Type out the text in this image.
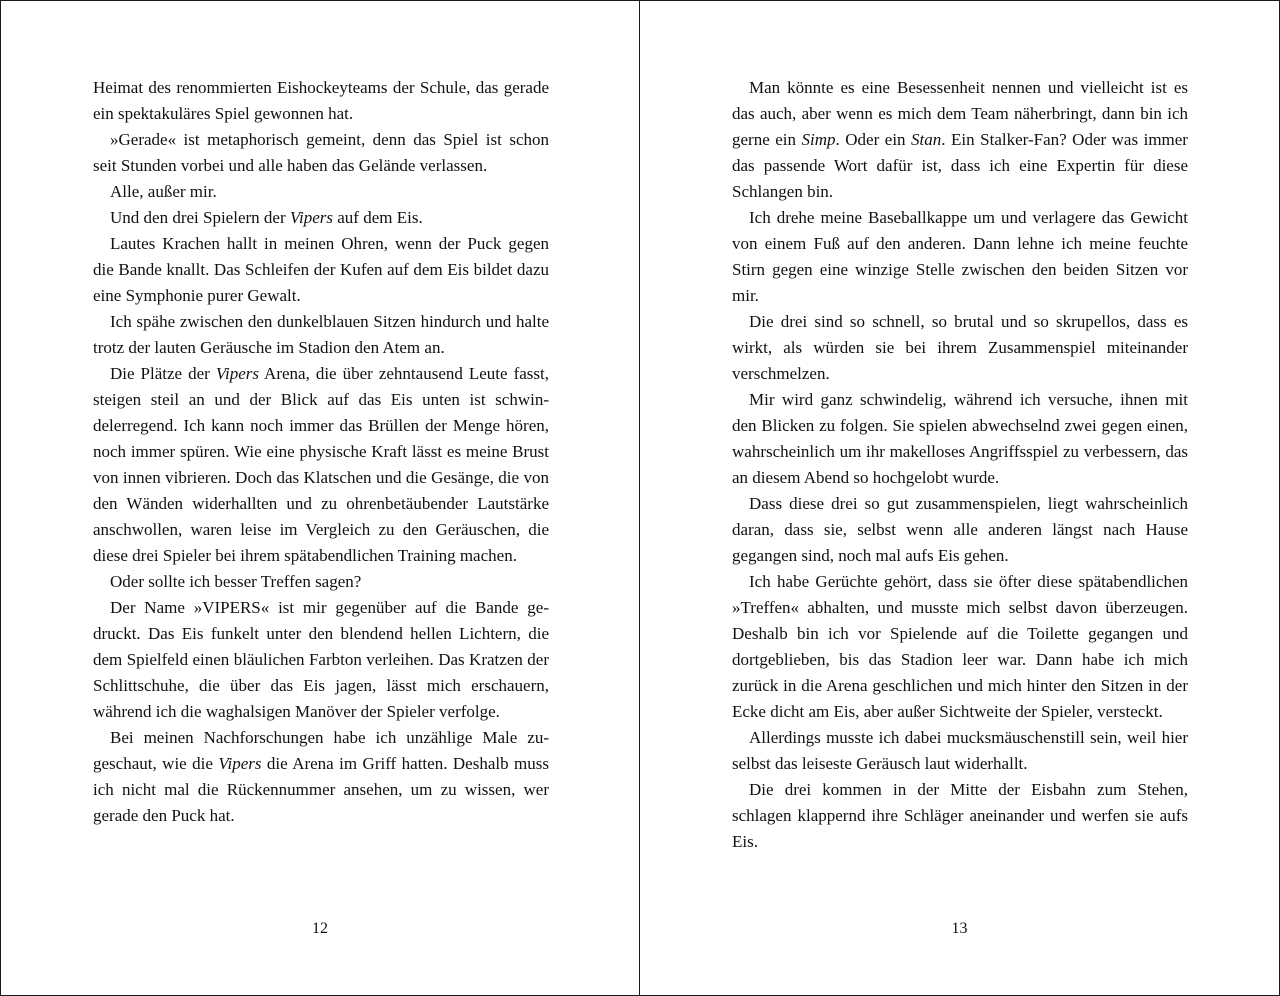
Heimat des renommierten Eishockeyteams der Schule, das gerade ein spektakuläres Spiel gewonnen hat.

»Gerade« ist metaphorisch gemeint, denn das Spiel ist schon seit Stunden vorbei und alle haben das Gelände verlassen.

Alle, außer mir.

Und den drei Spielern der Vipers auf dem Eis.

Lautes Krachen hallt in meinen Ohren, wenn der Puck gegen die Bande knallt. Das Schleifen der Kufen auf dem Eis bildet dazu eine Symphonie purer Gewalt.

Ich spähe zwischen den dunkelblauen Sitzen hindurch und halte trotz der lauten Geräusche im Stadion den Atem an.

Die Plätze der Vipers Arena, die über zehntausend Leute fasst, steigen steil an und der Blick auf das Eis unten ist schwindelerregend. Ich kann noch immer das Brüllen der Menge hören, noch immer spüren. Wie eine physische Kraft lässt es meine Brust von innen vibrieren. Doch das Klatschen und die Gesänge, die von den Wänden widerhallten und zu ohrenbetäubender Lautstärke anschwollen, waren leise im Vergleich zu den Geräuschen, die diese drei Spieler bei ihrem spätabendlichen Training machen.

Oder sollte ich besser Treffen sagen?

Der Name »VIPERS« ist mir gegenüber auf die Bande gedruckt. Das Eis funkelt unter den blendend hellen Lichtern, die dem Spielfeld einen bläulichen Farbton verleihen. Das Kratzen der Schlittschuhe, die über das Eis jagen, lässt mich erschauern, während ich die waghalsigen Manöver der Spieler verfolge.

Bei meinen Nachforschungen habe ich unzählige Male zugeschaut, wie die Vipers die Arena im Griff hatten. Deshalb muss ich nicht mal die Rückennummer ansehen, um zu wissen, wer gerade den Puck hat.

12

Man könnte es eine Besessenheit nennen und vielleicht ist es das auch, aber wenn es mich dem Team näherbringt, dann bin ich gerne ein Simp. Oder ein Stan. Ein Stalker-Fan? Oder was immer das passende Wort dafür ist, dass ich eine Expertin für diese Schlangen bin.

Ich drehe meine Baseballkappe um und verlagere das Gewicht von einem Fuß auf den anderen. Dann lehne ich meine feuchte Stirn gegen eine winzige Stelle zwischen den beiden Sitzen vor mir.

Die drei sind so schnell, so brutal und so skrupellos, dass es wirkt, als würden sie bei ihrem Zusammenspiel miteinander verschmelzen.

Mir wird ganz schwindelig, während ich versuche, ihnen mit den Blicken zu folgen. Sie spielen abwechselnd zwei gegen einen, wahrscheinlich um ihr makelloses Angriffsspiel zu verbessern, das an diesem Abend so hochgelobt wurde.

Dass diese drei so gut zusammenspielen, liegt wahrscheinlich daran, dass sie, selbst wenn alle anderen längst nach Hause gegangen sind, noch mal aufs Eis gehen.

Ich habe Gerüchte gehört, dass sie öfter diese spätabendlichen »Treffen« abhalten, und musste mich selbst davon überzeugen. Deshalb bin ich vor Spielende auf die Toilette gegangen und dortgeblieben, bis das Stadion leer war. Dann habe ich mich zurück in die Arena geschlichen und mich hinter den Sitzen in der Ecke dicht am Eis, aber außer Sichtweite der Spieler, versteckt.

Allerdings musste ich dabei mucksmäuschenstill sein, weil hier selbst das leiseste Geräusch laut widerhallt.

Die drei kommen in der Mitte der Eisbahn zum Stehen, schlagen klappernd ihre Schläger aneinander und werfen sie aufs Eis.

13
